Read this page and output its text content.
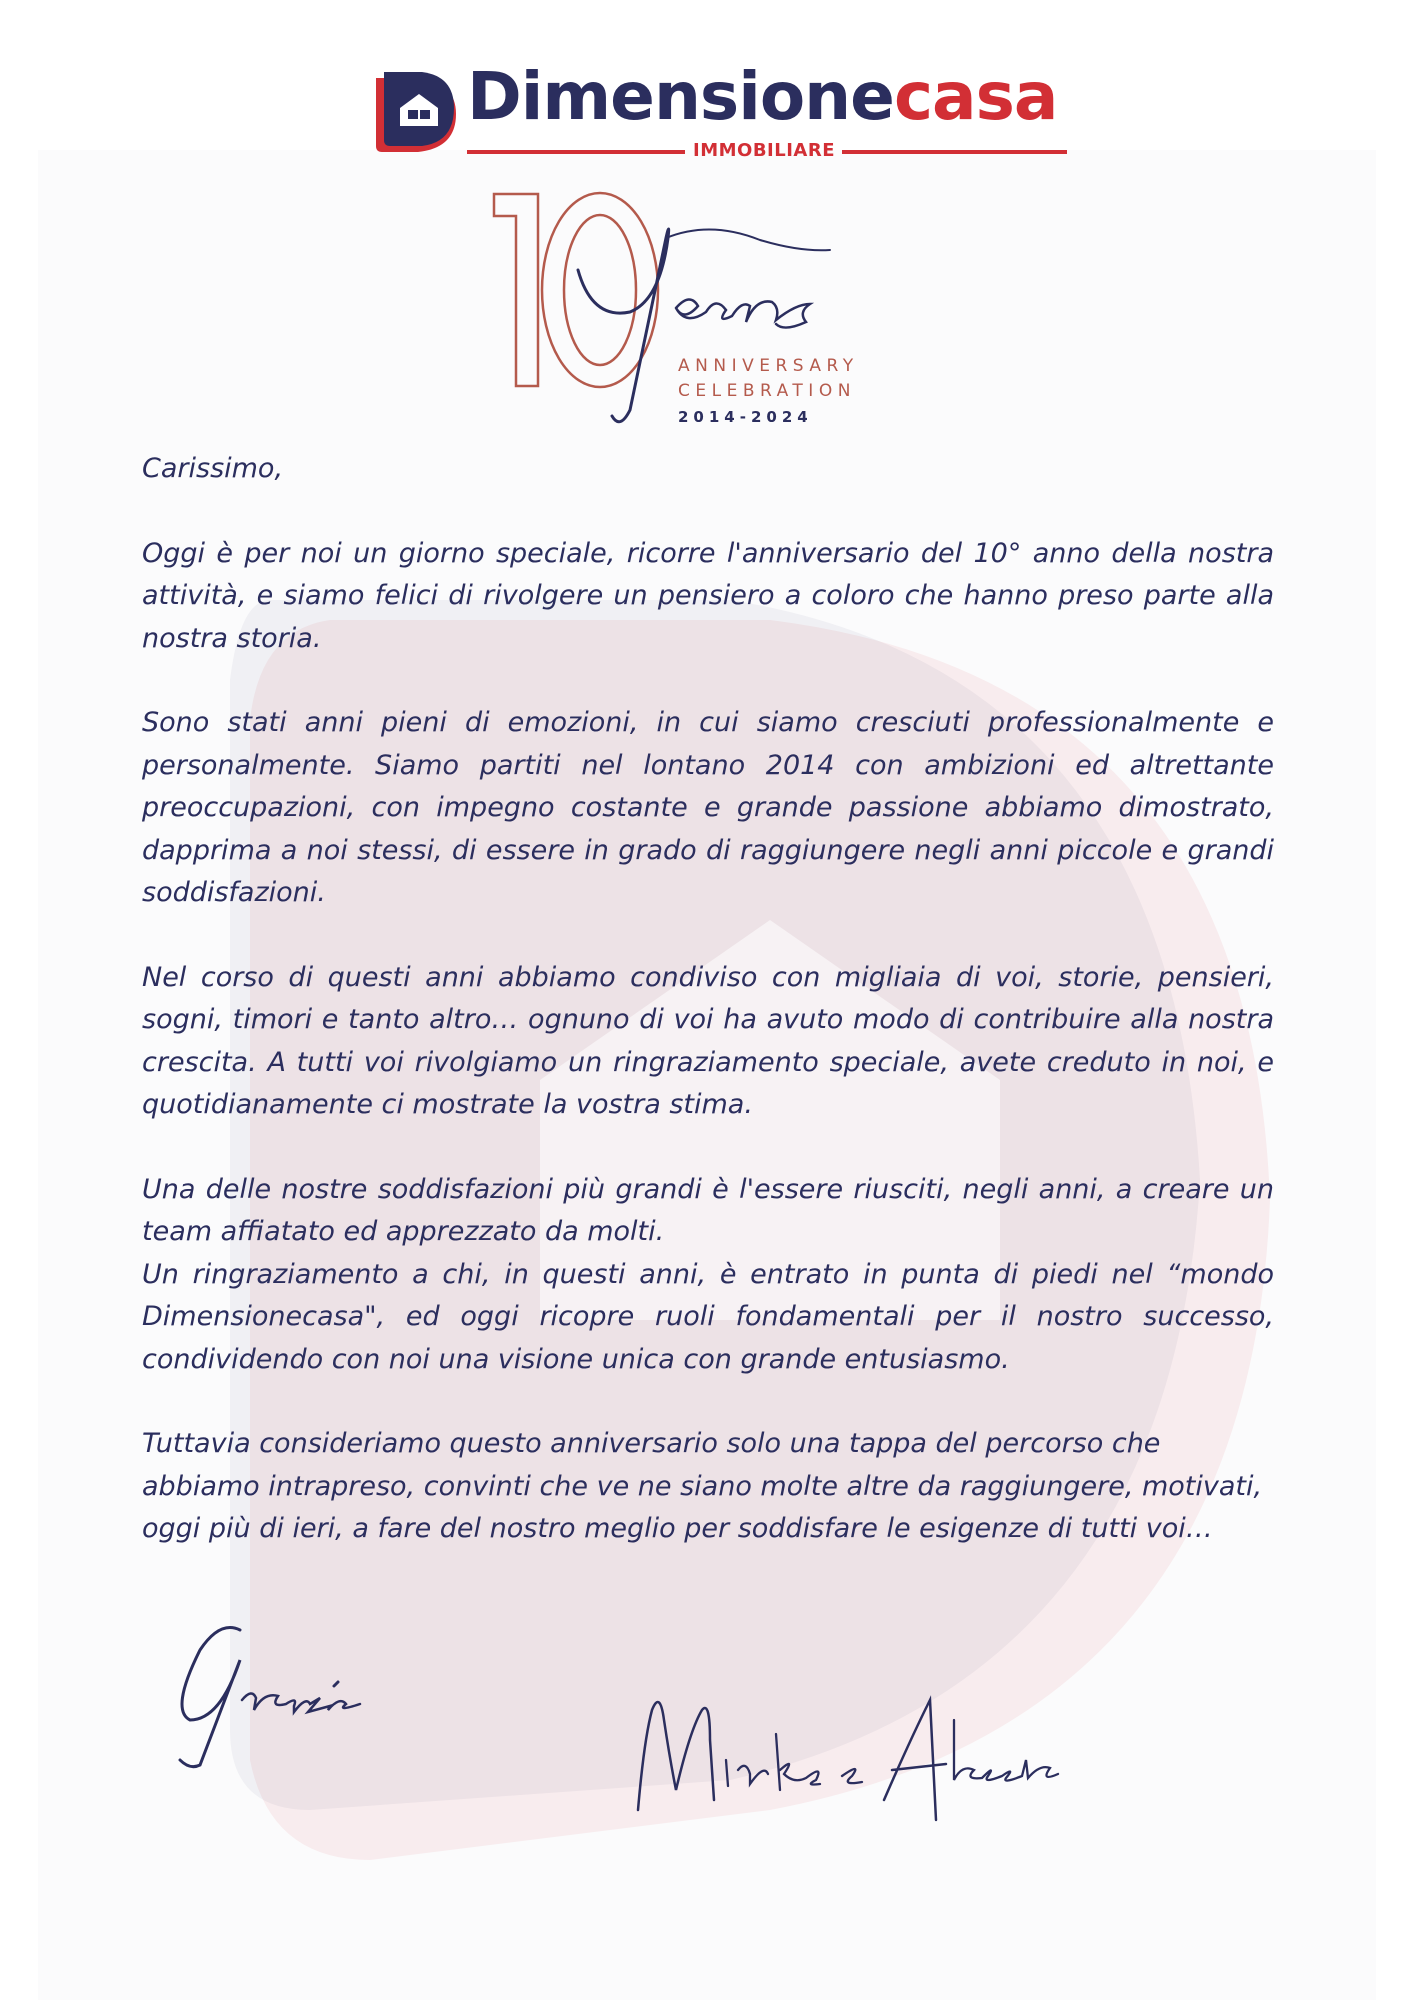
Dimensionecasa

IMMOBILIARE

ANNIVERSARY

CELEBRATION

2014-2024

Carissimo,

Oggi è per noi un giorno speciale, ricorre l'anniversario del 10° anno della nostra attività, e siamo felici di rivolgere un pensiero a coloro che hanno preso parte alla nostra storia.

Sono stati anni pieni di emozioni, in cui siamo cresciuti professionalmente e personalmente. Siamo partiti nel lontano 2014 con ambizioni ed altrettante preoccupazioni, con impegno costante e grande passione abbiamo dimostrato, dapprima a noi stessi, di essere in grado di raggiungere negli anni piccole e grandi soddisfazioni.

Nel corso di questi anni abbiamo condiviso con migliaia di voi, storie, pensieri, sogni, timori e tanto altro… ognuno di voi ha avuto modo di contribuire alla nostra crescita. A tutti voi rivolgiamo un ringraziamento speciale, avete creduto in noi, e quotidianamente ci mostrate la vostra stima.

Una delle nostre soddisfazioni più grandi è l'essere riusciti, negli anni, a creare un team affiatato ed apprezzato da molti.

Un ringraziamento a chi, in questi anni, è entrato in punta di piedi nel “mondo Dimensionecasa", ed oggi ricopre ruoli fondamentali per il nostro successo, condividendo con noi una visione unica con grande entusiasmo.

Tuttavia consideriamo questo anniversario solo una tappa del percorso che abbiamo intrapreso, convinti che ve ne siano molte altre da raggiungere, motivati, oggi più di ieri, a fare del nostro meglio per soddisfare le esigenze di tutti voi…
